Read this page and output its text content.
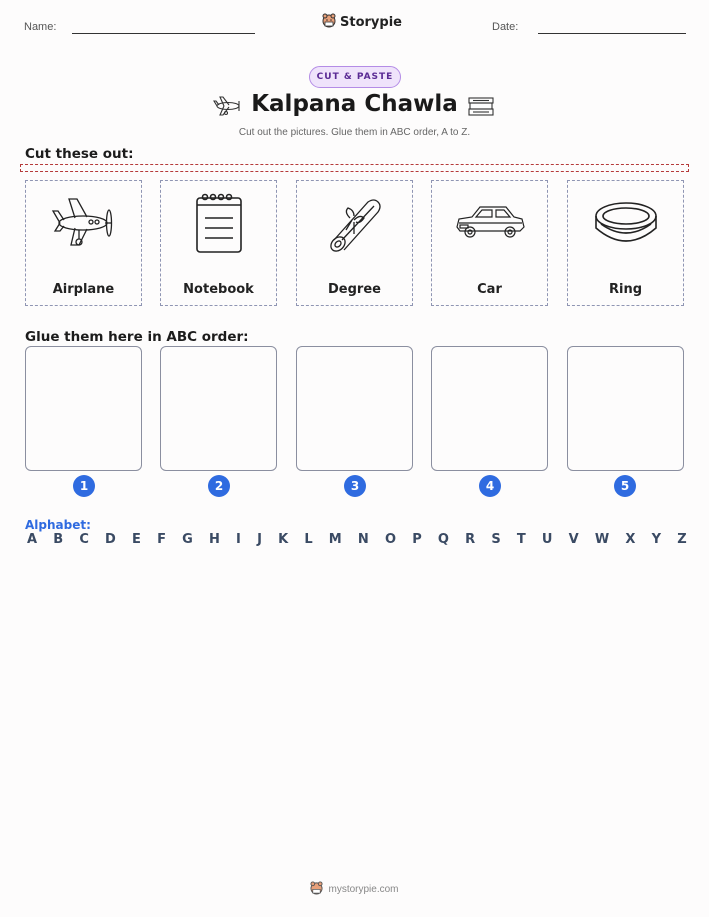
Name:	Storypie	Date:
CUT & PASTE
Kalpana Chawla
Cut out the pictures. Glue them in ABC order, A to Z.
Cut these out:
Airplane	Notebook	Degree	Car	Ring
Glue them here in ABC order:
1	2	3	4	5
Alphabet:
A B C D E F G H I J K L M N O P Q R S T U V W X Y Z
mystorypie.com
